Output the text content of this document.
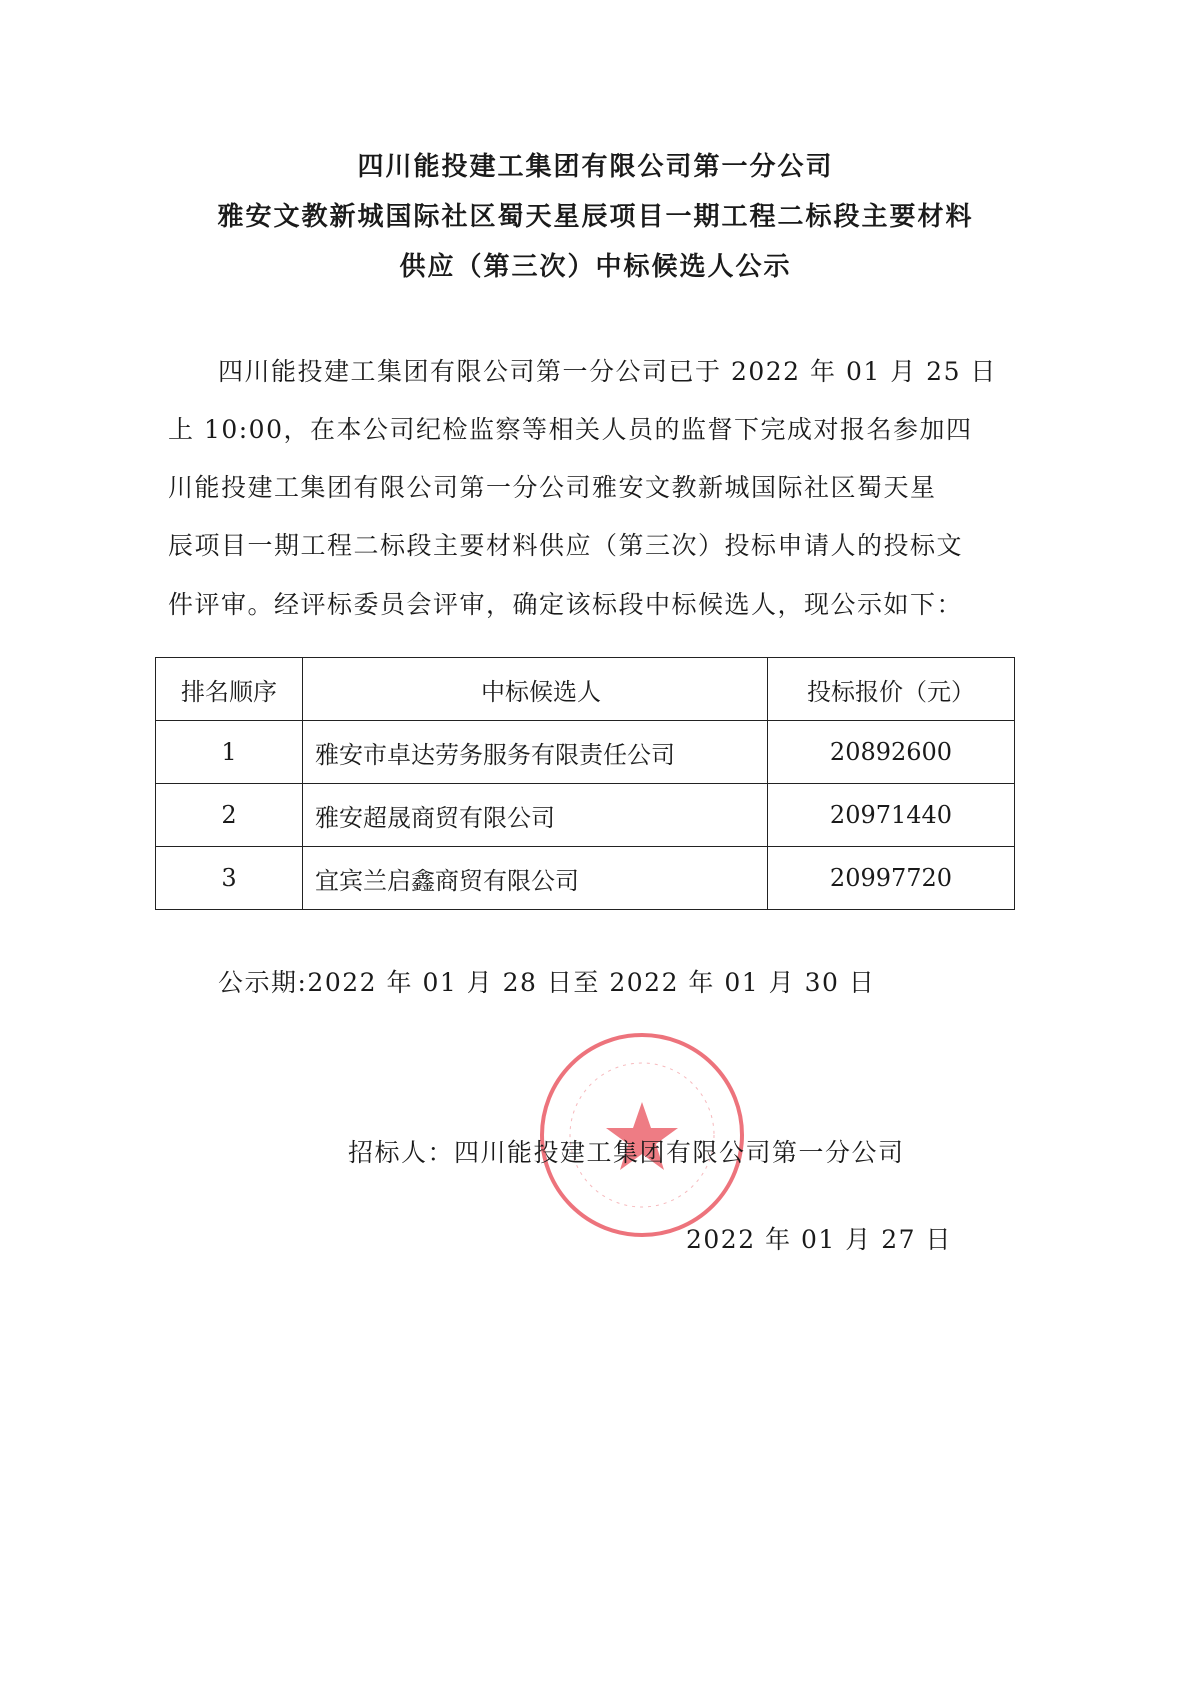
四川能投建工集团有限公司第一分公司
雅安文教新城国际社区蜀天星辰项目一期工程二标段主要材料
供应（第三次）中标候选人公示
四川能投建工集团有限公司第一分公司已于 2022 年 01 月 25 日
上 10:00，在本公司纪检监察等相关人员的监督下完成对报名参加四
川能投建工集团有限公司第一分公司雅安文教新城国际社区蜀天星
辰项目一期工程二标段主要材料供应（第三次）投标申请人的投标文
件评审。经评标委员会评审，确定该标段中标候选人，现公示如下：
排名顺序	中标候选人	投标报价（元）
1	雅安市卓达劳务服务有限责任公司	20892600
2	雅安超晟商贸有限公司	20971440
3	宜宾兰启鑫商贸有限公司	20997720
公示期:2022 年 01 月 28 日至 2022 年 01 月 30 日
招标人：四川能投建工集团有限公司第一分公司
2022 年 01 月 27 日
